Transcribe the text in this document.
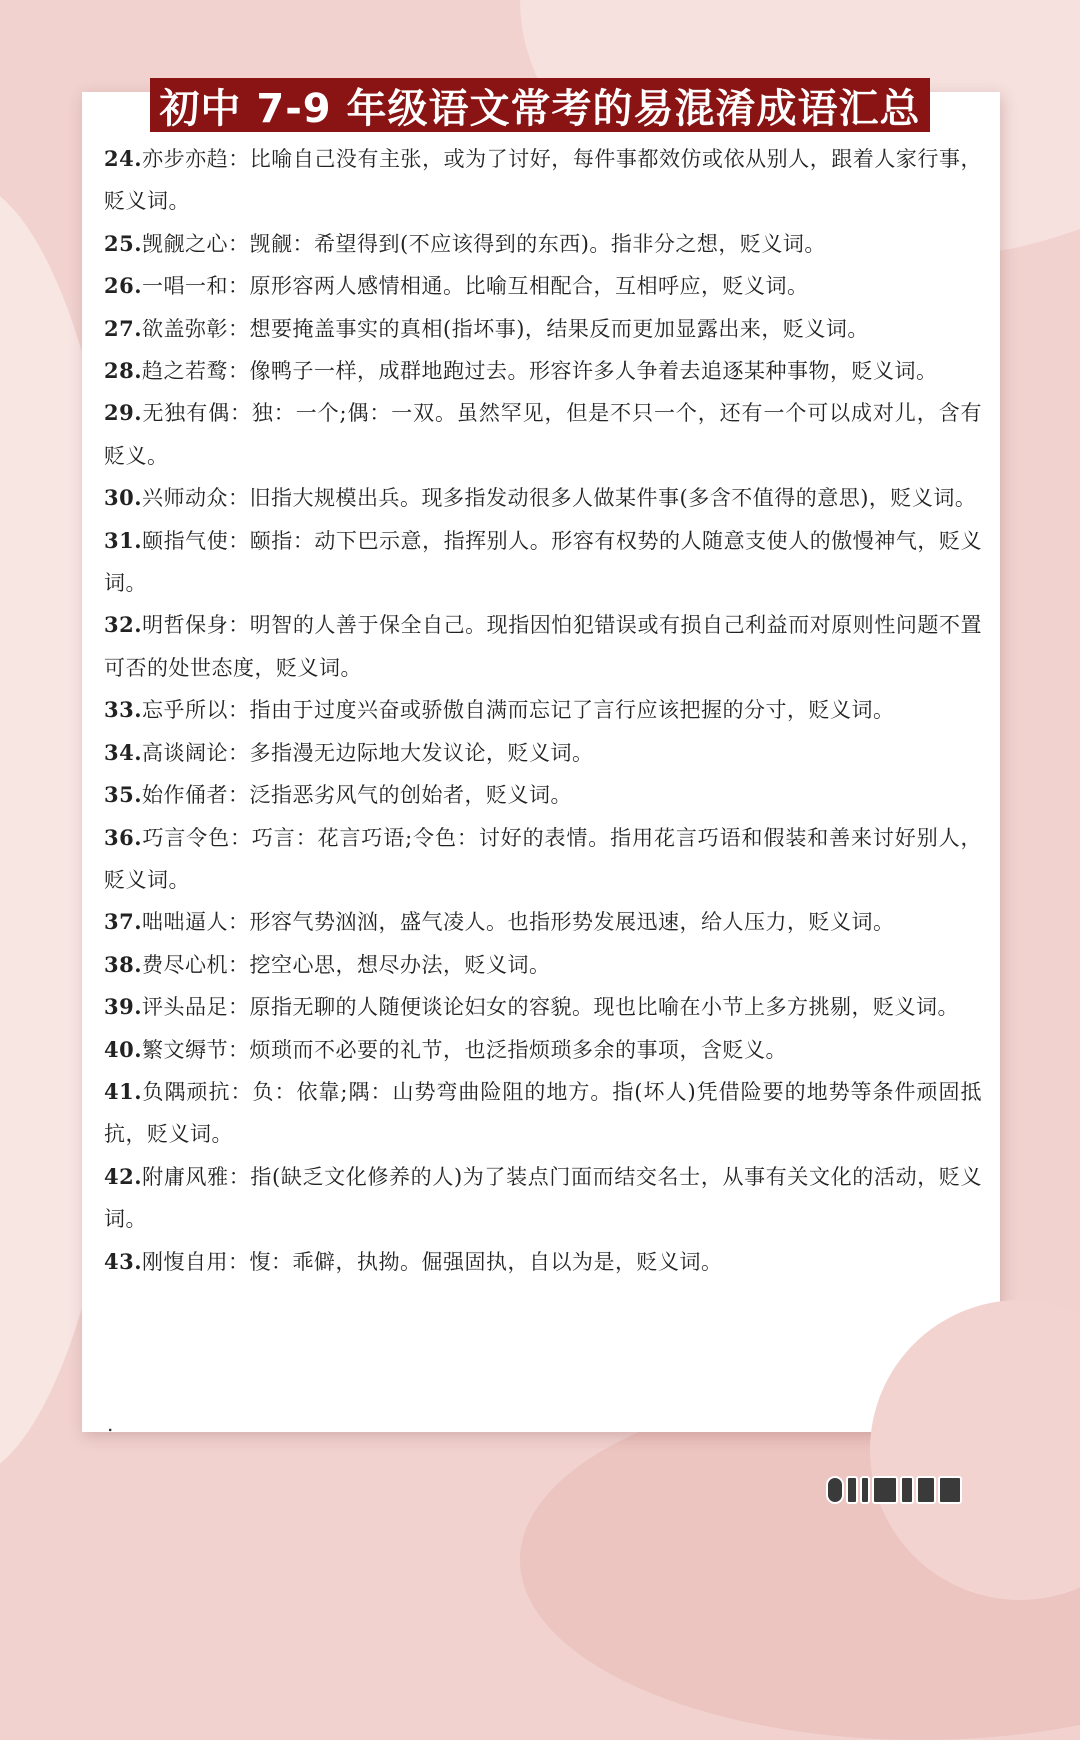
初中 7-9 年级语文常考的易混淆成语汇总
24.亦步亦趋：比喻自己没有主张，或为了讨好，每件事都效仿或依从别人，跟着人家行事，贬义词。
25.觊觎之心：觊觎：希望得到(不应该得到的东西)。指非分之想，贬义词。
26.一唱一和：原形容两人感情相通。比喻互相配合，互相呼应，贬义词。
27.欲盖弥彰：想要掩盖事实的真相(指坏事)，结果反而更加显露出来，贬义词。
28.趋之若鹜：像鸭子一样，成群地跑过去。形容许多人争着去追逐某种事物，贬义词。
29.无独有偶：独：一个;偶：一双。虽然罕见，但是不只一个，还有一个可以成对儿，含有贬义。
30.兴师动众：旧指大规模出兵。现多指发动很多人做某件事(多含不值得的意思)，贬义词。
31.颐指气使：颐指：动下巴示意，指挥别人。形容有权势的人随意支使人的傲慢神气，贬义词。
32.明哲保身：明智的人善于保全自己。现指因怕犯错误或有损自己利益而对原则性问题不置可否的处世态度，贬义词。
33.忘乎所以：指由于过度兴奋或骄傲自满而忘记了言行应该把握的分寸，贬义词。
34.高谈阔论：多指漫无边际地大发议论，贬义词。
35.始作俑者：泛指恶劣风气的创始者，贬义词。
36.巧言令色：巧言：花言巧语;令色：讨好的表情。指用花言巧语和假装和善来讨好别人，贬义词。
37.咄咄逼人：形容气势汹汹，盛气凌人。也指形势发展迅速，给人压力，贬义词。
38.费尽心机：挖空心思，想尽办法，贬义词。
39.评头品足：原指无聊的人随便谈论妇女的容貌。现也比喻在小节上多方挑剔，贬义词。
40.繁文缛节：烦琐而不必要的礼节，也泛指烦琐多余的事项，含贬义。
41.负隅顽抗：负：依靠;隅：山势弯曲险阻的地方。指(坏人)凭借险要的地势等条件顽固抵抗，贬义词。
42.附庸风雅：指(缺乏文化修养的人)为了装点门面而结交名士，从事有关文化的活动，贬义词。
43.刚愎自用：愎：乖僻，执拗。倔强固执，自以为是，贬义词。
.
